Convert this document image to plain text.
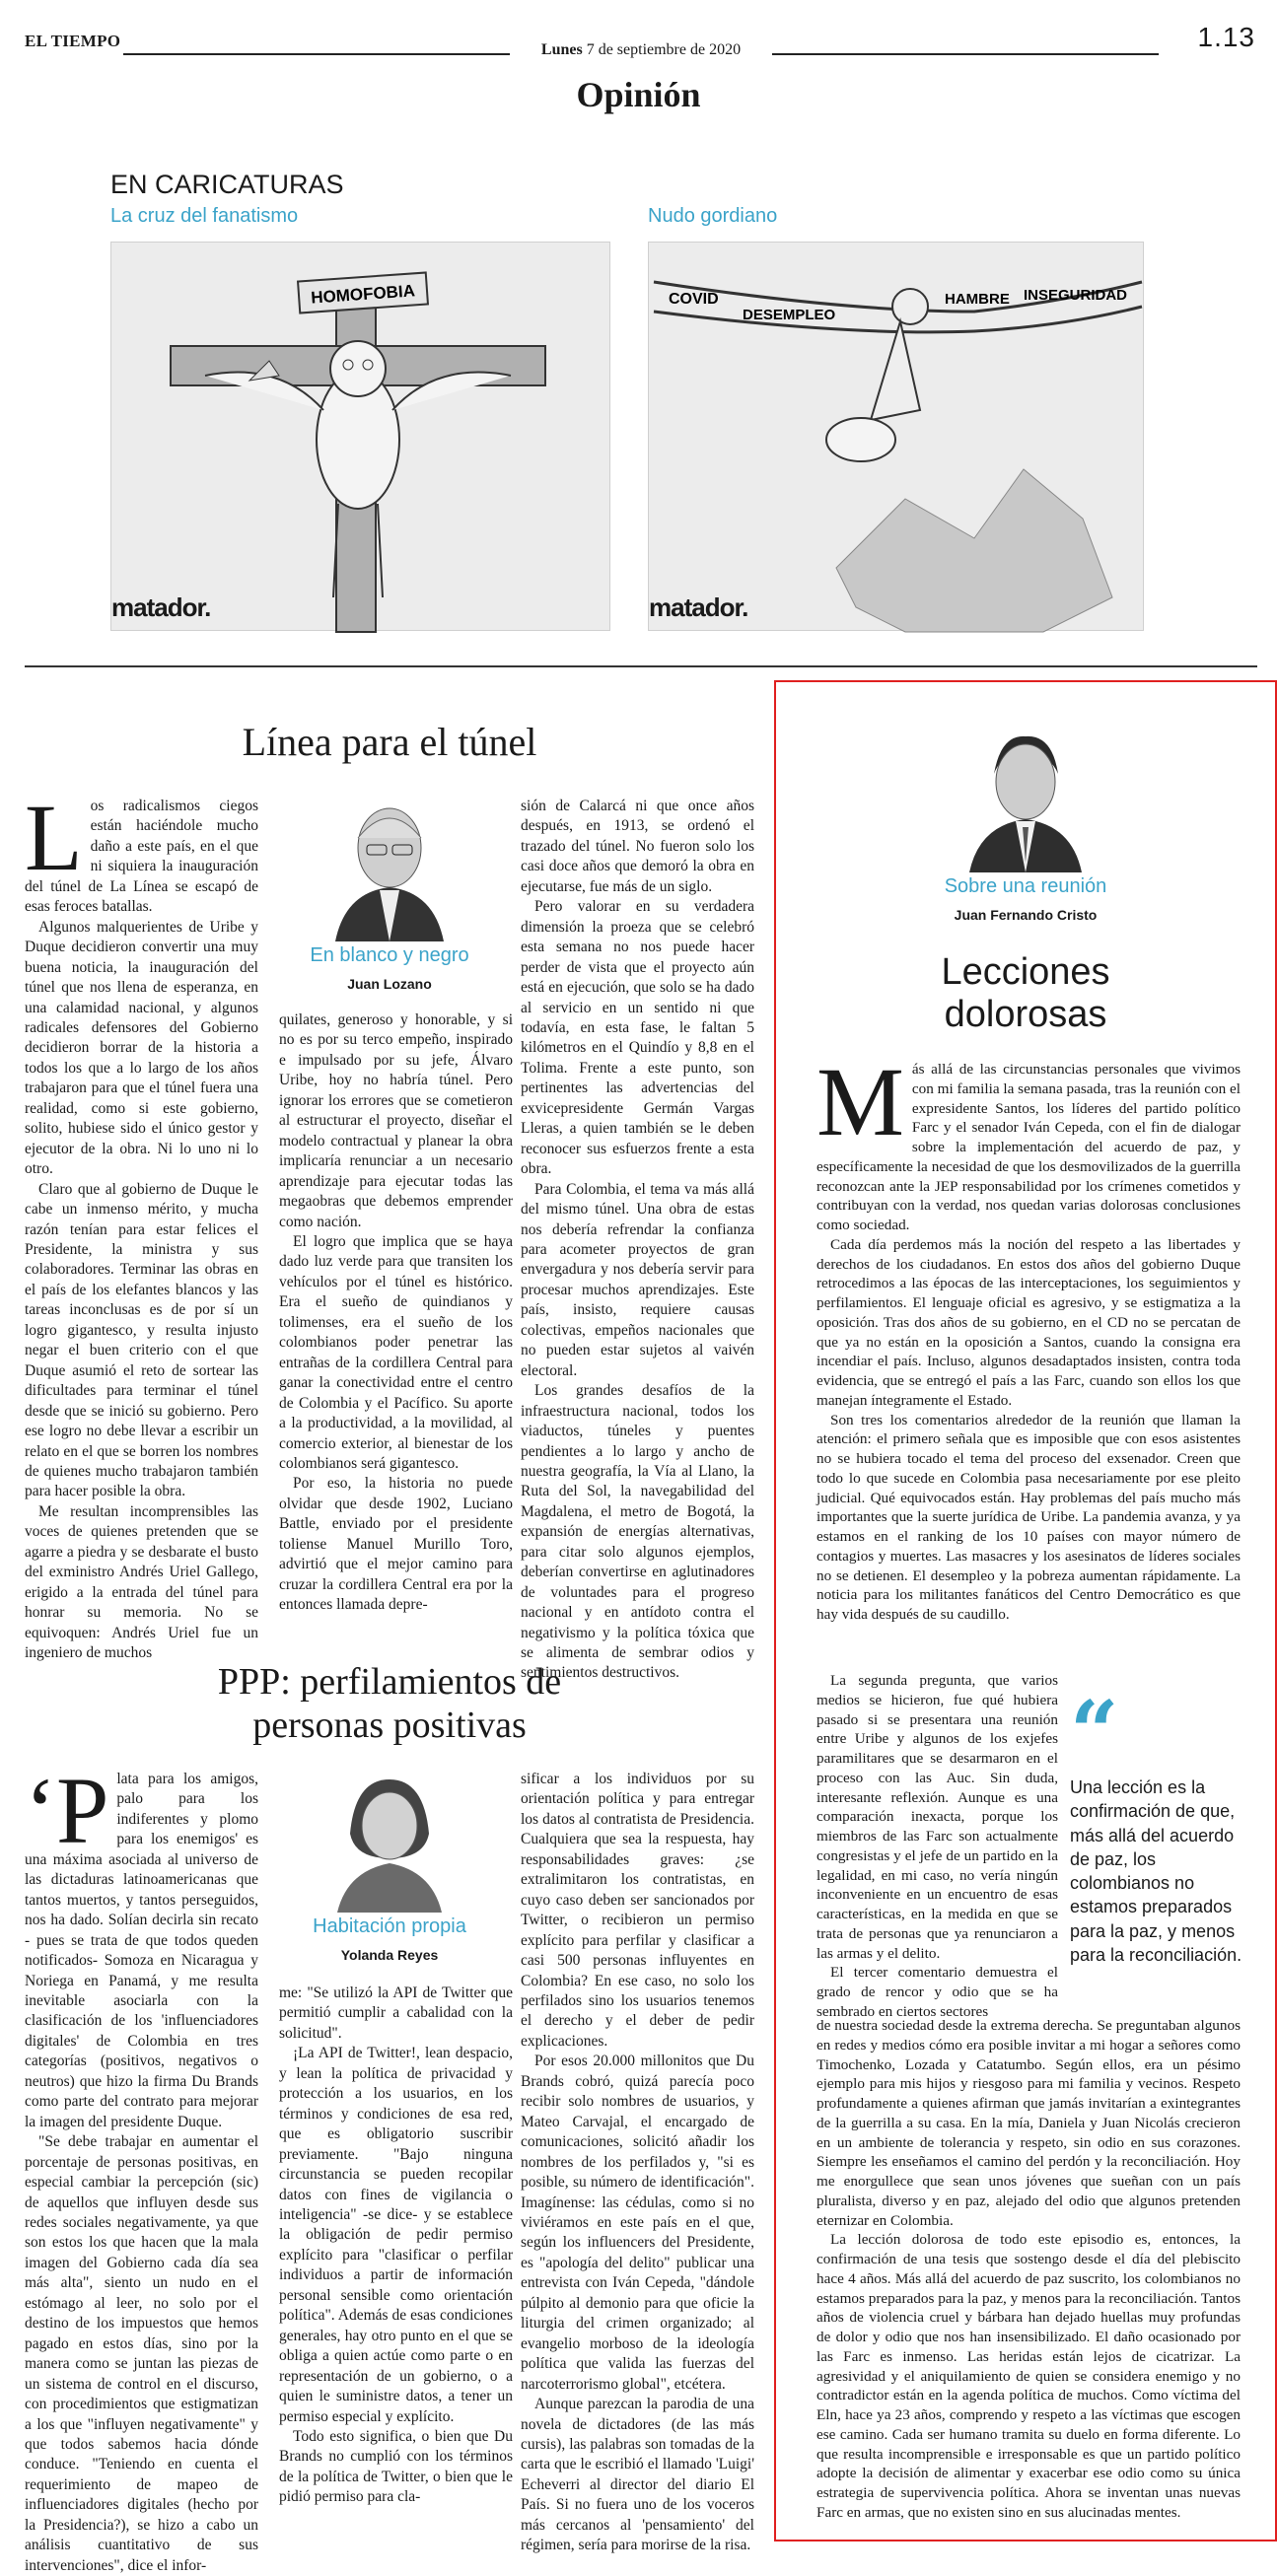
EL TIEMPO	Lunes 7 de septiembre de 2020	1.13
Opinión
EN CARICATURAS
La cruz del fanatismo	Nudo gordiano
HOMOFOBIA
matador.
COVID
DESEMPLEO
HAMBRE INSEGURIDAD
matador.
Línea para el túnel
L os radicalismos ciegos están haciéndole mucho daño a este país, en el que ni siquiera la inauguración del túnel de La Línea se escapó de esas feroces batallas.

Algunos malquerientes de Uribe y Duque decidieron convertir una muy buena noticia, la inauguración del túnel que nos llena de esperanza, en una calamidad nacional, y algunos radicales defensores del Gobierno decidieron borrar de la historia a todos los que a lo largo de los años trabajaron para que el túnel fuera una realidad, como si este gobierno, solito, hubiese sido el único gestor y ejecutor de la obra. Ni lo uno ni lo otro.

Claro que al gobierno de Duque le cabe un inmenso mérito, y mucha razón tenían para estar felices el Presidente, la ministra y sus colaboradores. Terminar las obras en el país de los elefantes blancos y las tareas inconclusas es de por sí un logro gigantesco, y resulta injusto negar el buen criterio con el que Duque asumió el reto de sortear las dificultades para terminar el túnel desde que se inició su gobierno. Pero ese logro no debe llevar a escribir un relato en el que se borren los nombres de quienes mucho trabajaron también para hacer posible la obra.

Me resultan incomprensibles las voces de quienes pretenden que se agarre a piedra y se desbarate el busto del exministro Andrés Uriel Gallego, erigido a la entrada del túnel para honrar su memoria. No se equivoquen: Andrés Uriel fue un ingeniero de muchos

En blanco y negro
Juan Lozano

quilates, generoso y honorable, y si no es por su terco empeño, inspirado e impulsado por su jefe, Álvaro Uribe, hoy no habría túnel. Pero ignorar los errores que se cometieron al estructurar el proyecto, diseñar el modelo contractual y planear la obra implicaría renunciar a un necesario aprendizaje para ejecutar todas las megaobras que debemos emprender como nación.

El logro que implica que se haya dado luz verde para que transiten los vehículos por el túnel es histórico. Era el sueño de quindianos y tolimenses, era el sueño de los colombianos poder penetrar las entrañas de la cordillera Central para ganar la conectividad entre el centro de Colombia y el Pacífico. Su aporte a la productividad, a la movilidad, al comercio exterior, al bienestar de los colombianos será gigantesco.

Por eso, la historia no puede olvidar que desde 1902, Luciano Battle, enviado por el presidente toliense Manuel Murillo Toro, advirtió que el mejor camino para cruzar la cordillera Central era por la entonces llamada depre-

sión de Calarcá ni que once años después, en 1913, se ordenó el trazado del túnel. No fueron solo los casi doce años que demoró la obra en ejecutarse, fue más de un siglo.

Pero valorar en su verdadera dimensión la proeza que se celebró esta semana no nos puede hacer perder de vista que el proyecto aún está en ejecución, que solo se ha dado al servicio en un sentido ni que todavía, en esta fase, le faltan 5 kilómetros en el Quindío y 8,8 en el Tolima. Frente a este punto, son pertinentes las advertencias del exvicepresidente Germán Vargas Lleras, a quien también se le deben reconocer sus esfuerzos frente a esta obra.

Para Colombia, el tema va más allá del mismo túnel. Una obra de estas nos debería refrendar la confianza para acometer proyectos de gran envergadura y nos debería servir para procesar muchos aprendizajes. Este país, insisto, requiere causas colectivas, empeños nacionales que no pueden estar sujetos al vaivén electoral.

Los grandes desafíos de la infraestructura nacional, todos los viaductos, túneles y puentes pendientes a lo largo y ancho de nuestra geografía, la Vía al Llano, la Ruta del Sol, la navegabilidad del Magdalena, el metro de Bogotá, la expansión de energías alternativas, para citar solo algunos ejemplos, deberían convertirse en aglutinadores de voluntades para el progreso nacional y en antídoto contra el negativismo y la política tóxica que se alimenta de sembrar odios y sentimientos destructivos.

PPP: perfilamientos de
personas positivas
‘P lata para los amigos, palo para los indiferentes y plomo para los enemigos' es una máxima asociada al universo de las dictaduras latinoamericanas que tantos muertos, y tantos perseguidos, nos ha dado. Solían decirla sin recato - pues se trata de que todos queden notificados- Somoza en Nicaragua y Noriega en Panamá, y me resulta inevitable asociarla con la clasificación de los 'influenciadores digitales' de Colombia en tres categorías (positivos, negativos o neutros) que hizo la firma Du Brands como parte del contrato para mejorar la imagen del presidente Duque.

"Se debe trabajar en aumentar el porcentaje de personas positivas, en especial cambiar la percepción (sic) de aquellos que influyen desde sus redes sociales negativamente, ya que son estos los que hacen que la mala imagen del Gobierno cada día sea más alta", siento un nudo en el estómago al leer, no solo por el destino de los impuestos que hemos pagado en estos días, sino por la manera como se juntan las piezas de un sistema de control en el discurso, con procedimientos que estigmatizan a los que "influyen negativamente" y que todos sabemos hacia dónde conduce. "Teniendo en cuenta el requerimiento de mapeo de influenciadores digitales (hecho por la Presidencia?), se hizo a cabo un análisis cuantitativo de sus intervenciones", dice el infor-

Habitación propia
Yolanda Reyes

me: "Se utilizó la API de Twitter que permitió cumplir a cabalidad con la solicitud".

¡La API de Twitter!, lean despacio, y lean la política de privacidad y protección a los usuarios, en los términos y condiciones de esa red, que es obligatorio suscribir previamente. "Bajo ninguna circunstancia se pueden recopilar datos con fines de vigilancia o inteligencia" -se dice- y se establece la obligación de pedir permiso explícito para "clasificar o perfilar individuos a partir de información personal sensible como orientación política". Además de esas condiciones generales, hay otro punto en el que se obliga a quien actúe como parte o en representación de un gobierno, o a quien le suministre datos, a tener un permiso especial y explícito.

Todo esto significa, o bien que Du Brands no cumplió con los términos de la política de Twitter, o bien que le pidió permiso para cla-

sificar a los individuos por su orientación política y para entregar los datos al contratista de Presidencia. Cualquiera que sea la respuesta, hay responsabilidades graves: ¿se extralimitaron los contratistas, en cuyo caso deben ser sancionados por Twitter, o recibieron un permiso explícito para perfilar y clasificar a casi 500 personas influyentes en Colombia? En ese caso, no solo los perfilados sino los usuarios tenemos el derecho y el deber de pedir explicaciones.

Por esos 20.000 millonitos que Du Brands cobró, quizá parecía poco recibir solo nombres de usuarios, y Mateo Carvajal, el encargado de comunicaciones, solicitó añadir los nombres de los perfilados y, "si es posible, su número de identificación". Imagínense: las cédulas, como si no viviéramos en este país en el que, según los influencers del Presidente, es "apología del delito" publicar una entrevista con Iván Cepeda, "dándole púlpito al demonio para que oficie la liturgia del crimen organizado; al evangelio morboso de la ideología política que valida las fuerzas del narcoterrorismo global", etcétera.

Aunque parezcan la parodia de una novela de dictadores (de las más cursis), las palabras son tomadas de la carta que le escribió el llamado 'Luigi' Echeverri al director del diario El País. Si no fuera uno de los voceros más cercanos al 'pensamiento' del régimen, sería para morirse de la risa.

Sobre una reunión
Juan Fernando Cristo
Lecciones
dolorosas
M ás allá de las circunstancias personales que vivimos con mi familia la semana pasada, tras la reunión con el expresidente Santos, los líderes del partido político Farc y el senador Iván Cepeda, con el fin de dialogar sobre la implementación del acuerdo de paz, y específicamente la necesidad de que los desmovilizados de la guerrilla reconozcan ante la JEP responsabilidad por los crímenes cometidos y contribuyan con la verdad, nos quedan varias dolorosas conclusiones como sociedad.

Cada día perdemos más la noción del respeto a las libertades y derechos de los ciudadanos. En estos dos años del gobierno Duque retrocedimos a las épocas de las interceptaciones, los seguimientos y perfilamientos. El lenguaje oficial es agresivo, y se estigmatiza a la oposición. Tras dos años de su gobierno, en el CD no se percatan de que ya no están en la oposición a Santos, cuando la consigna era incendiar el país. Incluso, algunos desadaptados insisten, contra toda evidencia, que se entregó el país a las Farc, cuando son ellos los que manejan íntegramente el Estado.

Son tres los comentarios alrededor de la reunión que llaman la atención: el primero señala que es imposible que con esos asistentes no se hubiera tocado el tema del proceso del exsenador. Creen que todo lo que sucede en Colombia pasa necesariamente por ese pleito judicial. Qué equivocados están. Hay problemas del país mucho más importantes que la suerte jurídica de Uribe. La pandemia avanza, y ya estamos en el ranking de los 10 países con mayor número de contagios y muertes. Las masacres y los asesinatos de líderes sociales no se detienen. El desempleo y la pobreza aumentan rápidamente. La noticia para los militantes fanáticos del Centro Democrático es que hay vida después de su caudillo.

La segunda pregunta, que varios medios se hicieron, fue qué hubiera pasado si se presentara una reunión entre Uribe y algunos de los exjefes paramilitares que se desarmaron en el proceso con las Auc. Sin duda, interesante reflexión. Aunque es una comparación inexacta, porque los miembros de las Farc son actualmente congresistas y el jefe de un partido en la legalidad, en mi caso, no vería ningún inconveniente en un encuentro de esas características, en la medida en que se trata de personas que ya renunciaron a las armas y el delito.

El tercer comentario demuestra el grado de rencor y odio que se ha sembrado en ciertos sectores

“
Una lección es la confirmación de que, más allá del acuerdo de paz, los colombianos no estamos preparados para la paz, y menos para la reconciliación.

de nuestra sociedad desde la extrema derecha. Se preguntaban algunos en redes y medios cómo era posible invitar a mi hogar a señores como Timochenko, Lozada y Catatumbo. Según ellos, era un pésimo ejemplo para mis hijos y riesgoso para mi familia y vecinos. Respeto profundamente a quienes afirman que jamás invitarían a exintegrantes de la guerrilla a su casa. En la mía, Daniela y Juan Nicolás crecieron en un ambiente de tolerancia y respeto, sin odio en sus corazones. Siempre les enseñamos el camino del perdón y la reconciliación. Hoy me enorgullece que sean unos jóvenes que sueñan con un país pluralista, diverso y en paz, alejado del odio que algunos pretenden eternizar en Colombia.

La lección dolorosa de todo este episodio es, entonces, la confirmación de una tesis que sostengo desde el día del plebiscito hace 4 años. Más allá del acuerdo de paz suscrito, los colombianos no estamos preparados para la paz, y menos para la reconciliación. Tantos años de violencia cruel y bárbara han dejado huellas muy profundas de dolor y odio que nos han insensibilizado. El daño ocasionado por las Farc es inmenso. Las heridas están lejos de cicatrizar. La agresividad y el aniquilamiento de quien se considera enemigo y no contradictor están en la agenda política de muchos. Como víctima del Eln, hace ya 23 años, comprendo y respeto a las víctimas que escogen ese camino. Cada ser humano tramita su duelo en forma diferente. Lo que resulta incomprensible e irresponsable es que un partido político adopte la decisión de alimentar y exacerbar ese odio como su única estrategia de supervivencia política. Ahora se inventan unas nuevas Farc en armas, que no existen sino en sus alucinadas mentes.
